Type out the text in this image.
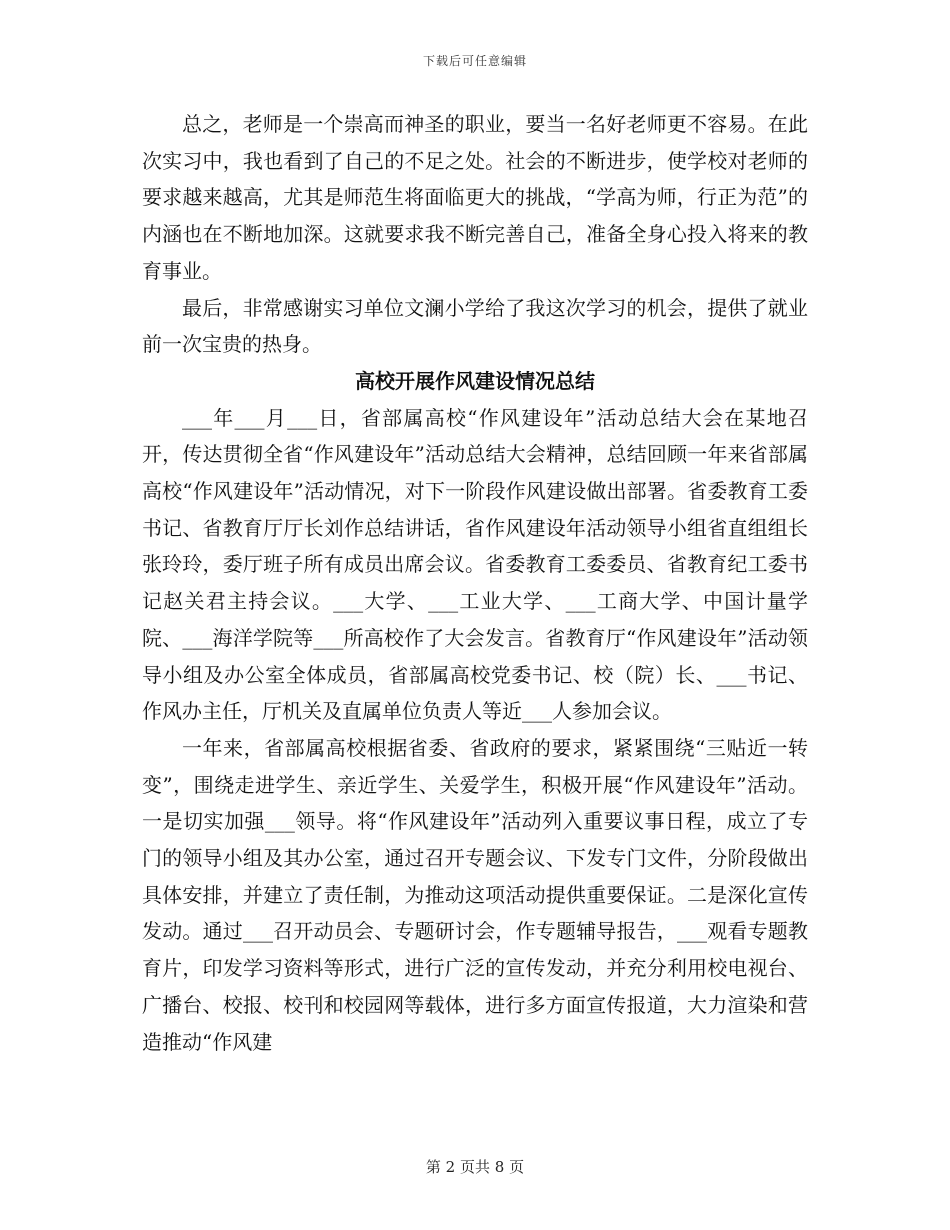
下载后可任意编辑

总之，老师是一个崇高而神圣的职业，要当一名好老师更不容易。在此次实习中，我也看到了自己的不足之处。社会的不断进步，使学校对老师的要求越来越高，尤其是师范生将面临更大的挑战，“学高为师，行正为范”的内涵也在不断地加深。这就要求我不断完善自己，准备全身心投入将来的教育事业。

最后，非常感谢实习单位文澜小学给了我这次学习的机会，提供了就业前一次宝贵的热身。

高校开展作风建设情况总结

___年___月___日，省部属高校“作风建设年”活动总结大会在某地召开，传达贯彻全省“作风建设年”活动总结大会精神，总结回顾一年来省部属高校“作风建设年”活动情况，对下一阶段作风建设做出部署。省委教育工委书记、省教育厅厅长刘作总结讲话，省作风建设年活动领导小组省直组组长张玲玲，委厅班子所有成员出席会议。省委教育工委委员、省教育纪工委书记赵关君主持会议。___大学、___工业大学、___工商大学、中国计量学院、___海洋学院等___所高校作了大会发言。省教育厅“作风建设年”活动领导小组及办公室全体成员，省部属高校党委书记、校（院）长、___书记、作风办主任，厅机关及直属单位负责人等近___人参加会议。

一年来，省部属高校根据省委、省政府的要求，紧紧围绕“三贴近一转变”，围绕走进学生、亲近学生、关爱学生，积极开展“作风建设年”活动。一是切实加强___领导。将“作风建设年”活动列入重要议事日程，成立了专门的领导小组及其办公室，通过召开专题会议、下发专门文件，分阶段做出具体安排，并建立了责任制，为推动这项活动提供重要保证。二是深化宣传发动。通过___召开动员会、专题研讨会，作专题辅导报告，___观看专题教育片，印发学习资料等形式，进行广泛的宣传发动，并充分利用校电视台、广播台、校报、校刊和校园网等载体，进行多方面宣传报道，大力渲染和营造推动“作风建

第 2 页共 8 页
